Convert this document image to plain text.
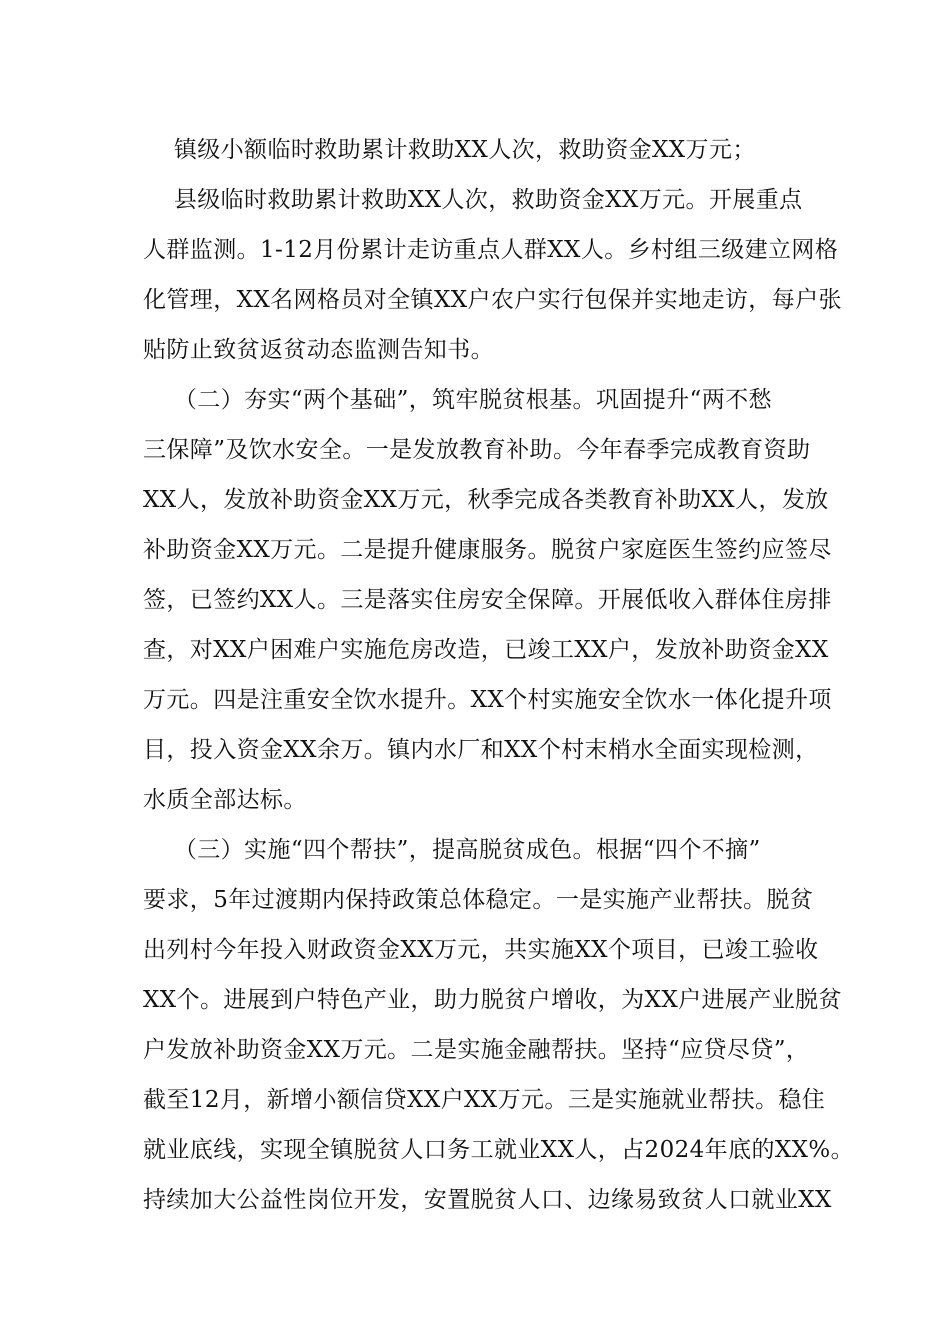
镇级小额临时救助累计救助XX人次，救助资金XX万元；
县级临时救助累计救助XX人次，救助资金XX万元。开展重点
人群监测。1-12月份累计走访重点人群XX人。乡村组三级建立网格
化管理，XX名网格员对全镇XX户农户实行包保并实地走访，每户张
贴防止致贫返贫动态监测告知书。
（二）夯实“两个基础”，筑牢脱贫根基。巩固提升“两不愁
三保障”及饮水安全。一是发放教育补助。今年春季完成教育资助
XX人，发放补助资金XX万元，秋季完成各类教育补助XX人，发放
补助资金XX万元。二是提升健康服务。脱贫户家庭医生签约应签尽
签，已签约XX人。三是落实住房安全保障。开展低收入群体住房排
查，对XX户困难户实施危房改造，已竣工XX户，发放补助资金XX
万元。四是注重安全饮水提升。XX个村实施安全饮水一体化提升项
目，投入资金XX余万。镇内水厂和XX个村末梢水全面实现检测，
水质全部达标。
（三）实施“四个帮扶”，提高脱贫成色。根据“四个不摘”
要求，5年过渡期内保持政策总体稳定。一是实施产业帮扶。脱贫
出列村今年投入财政资金XX万元，共实施XX个项目，已竣工验收
XX个。进展到户特色产业，助力脱贫户增收，为XX户进展产业脱贫
户发放补助资金XX万元。二是实施金融帮扶。坚持“应贷尽贷”，
截至12月，新增小额信贷XX户XX万元。三是实施就业帮扶。稳住
就业底线，实现全镇脱贫人口务工就业XX人，占2024年底的XX%。
持续加大公益性岗位开发，安置脱贫人口、边缘易致贫人口就业XX
